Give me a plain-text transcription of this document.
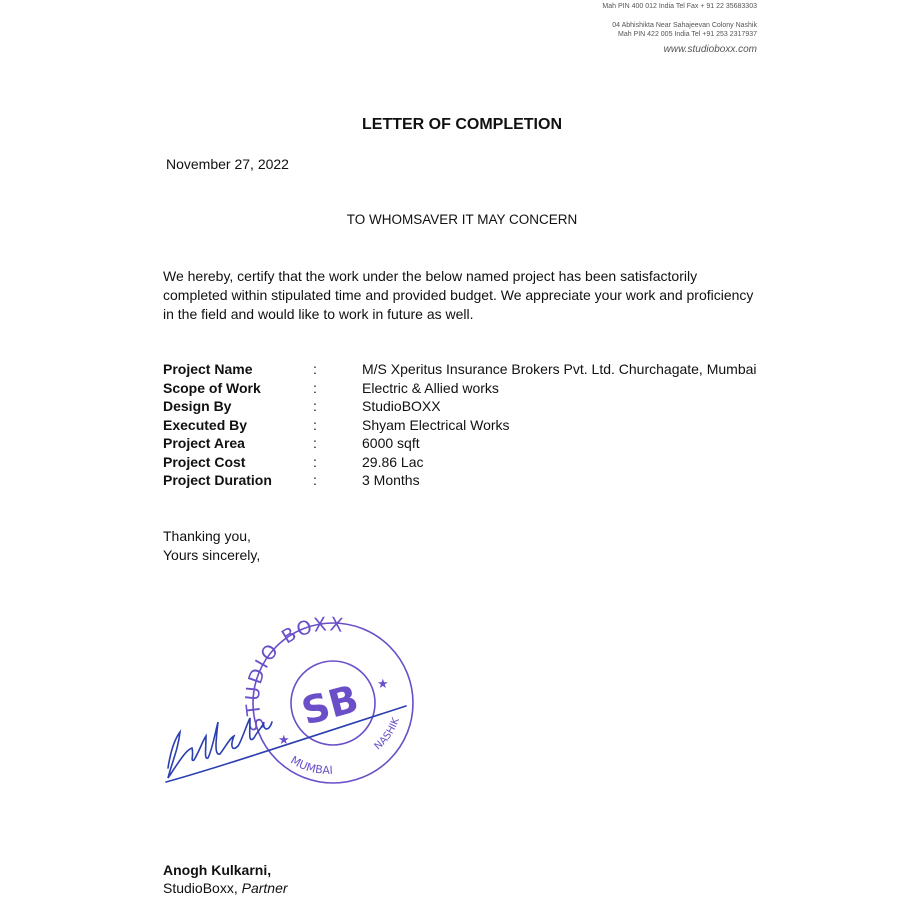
Mah PIN 400 012 India Tel Fax + 91 22 35683303
04 Abhishikta Near Sahajeevan Colony Nashik
Mah PIN 422 005 India Tel +91 253 2317937
www.studioboxx.com
LETTER OF COMPLETION
November 27, 2022
TO WHOMSAVER IT MAY CONCERN
We hereby, certify that the work under the below named project has been satisfactorily completed within stipulated time and provided budget. We appreciate your work and proficiency in the field and would like to work in future as well.
Project Name	:	M/S Xperitus Insurance Brokers Pvt. Ltd. Churchagate, Mumbai
Scope of Work	:	Electric & Allied works
Design By	:	StudioBOXX
Executed By	:	Shyam Electrical Works
Project Area	:	6000 sqft
Project Cost	:	29.86 Lac
Project Duration	:	3 Months
Thanking you,
Yours sincerely,
STUDIO BOXX
MUMBAI
NASHIK
SB
★
★
Anogh Kulkarni,
StudioBoxx, Partner
